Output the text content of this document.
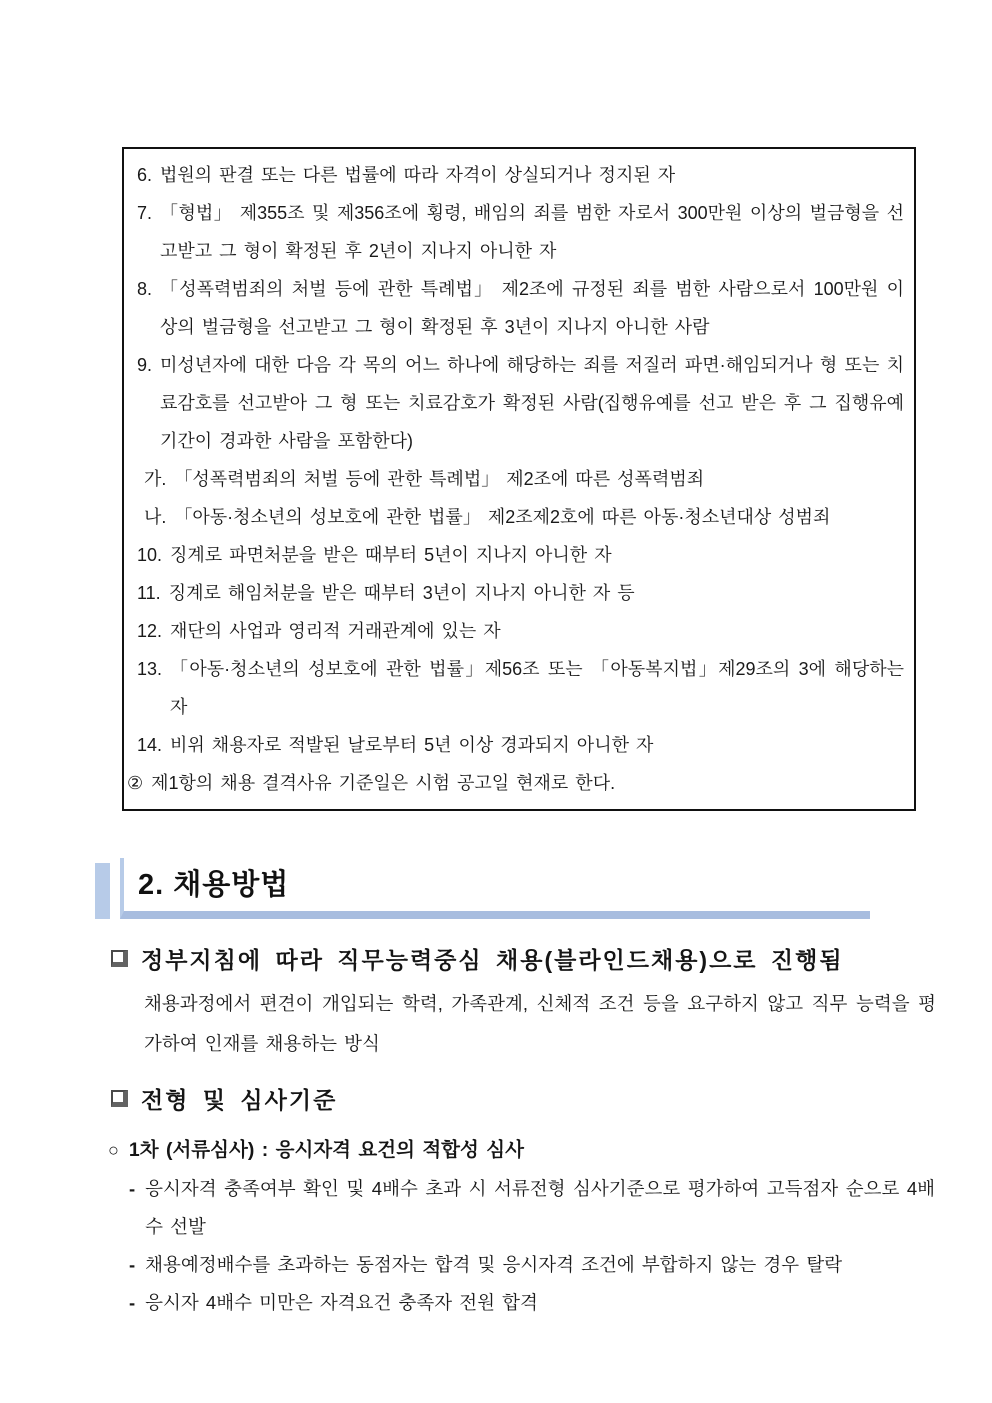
6. 법원의 판결 또는 다른 법률에 따라 자격이 상실되거나 정지된 자
7. 「형법」 제355조 및 제356조에 횡령, 배임의 죄를 범한 자로서 300만원 이상의 벌금형을 선고받고 그 형이 확정된 후 2년이 지나지 아니한 자
8. 「성폭력범죄의 처벌 등에 관한 특례법」 제2조에 규정된 죄를 범한 사람으로서 100만원 이상의 벌금형을 선고받고 그 형이 확정된 후 3년이 지나지 아니한 사람
9. 미성년자에 대한 다음 각 목의 어느 하나에 해당하는 죄를 저질러 파면·해임되거나 형 또는 치료감호를 선고받아 그 형 또는 치료감호가 확정된 사람(집행유예를 선고 받은 후 그 집행유예기간이 경과한 사람을 포함한다)
가. 「성폭력범죄의 처벌 등에 관한 특례법」 제2조에 따른 성폭력범죄
나. 「아동·청소년의 성보호에 관한 법률」 제2조제2호에 따른 아동·청소년대상 성범죄
10. 징계로 파면처분을 받은 때부터 5년이 지나지 아니한 자
11. 징계로 해임처분을 받은 때부터 3년이 지나지 아니한 자 등
12. 재단의 사업과 영리적 거래관계에 있는 자
13. 「아동·청소년의 성보호에 관한 법률」제56조 또는 「아동복지법」제29조의 3에 해당하는 자
14. 비위 채용자로 적발된 날로부터 5년 이상 경과되지 아니한 자
② 제1항의 채용 결격사유 기준일은 시험 공고일 현재로 한다.
2. 채용방법
정부지침에 따라 직무능력중심 채용(블라인드채용)으로 진행됨
채용과정에서 편견이 개입되는 학력, 가족관계, 신체적 조건 등을 요구하지 않고 직무 능력을 평가하여 인재를 채용하는 방식
전형 및 심사기준
○ 1차 (서류심사) : 응시자격 요건의 적합성 심사
- 응시자격 충족여부 확인 및 4배수 초과 시 서류전형 심사기준으로 평가하여 고득점자 순으로 4배수 선발
- 채용예정배수를 초과하는 동점자는 합격 및 응시자격 조건에 부합하지 않는 경우 탈락
- 응시자 4배수 미만은 자격요건 충족자 전원 합격
